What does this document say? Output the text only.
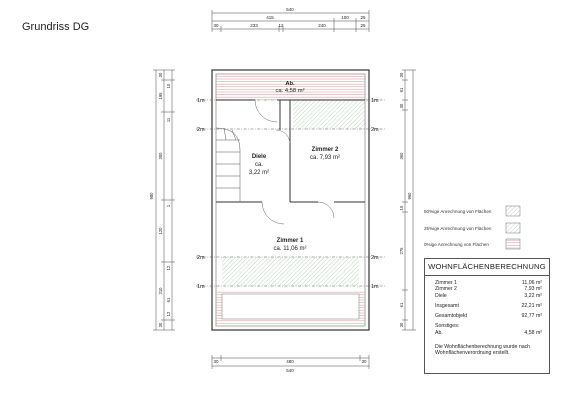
Grundriss DG
540
415	100	25
30	233	12	240	25
30	480	30
540
980
30
195
300
120
210
30
10
11
1
12
61
12
30
91
30
360
15
275
61
30
960
1m	1m
2m	2m
2m	2m
1m	1m
Ab.
ca. 4,58 m²
Zimmer 2
ca. 7,93 m²
Diele
ca.
3,22 m²
Zimmer 1
ca. 11,06 m²
50%ige Anrechnung von Flächen
25%ige Anrechnung von Flächen
0%ige Anrechnung von Flächen
WOHNFLÄCHENBERECHNUNG
Zimmer 1	11,06 m²
Zimmer 2	7,93 m²
Diele	3,22 m²
Insgesamt	22,21 m²
Gesamtobjekt	92,77 m²
Sonstiges:
Ab.	4,58 m²
Die Wohnflächenberechnung wurde nach Wohnflächenverordnung erstellt.
